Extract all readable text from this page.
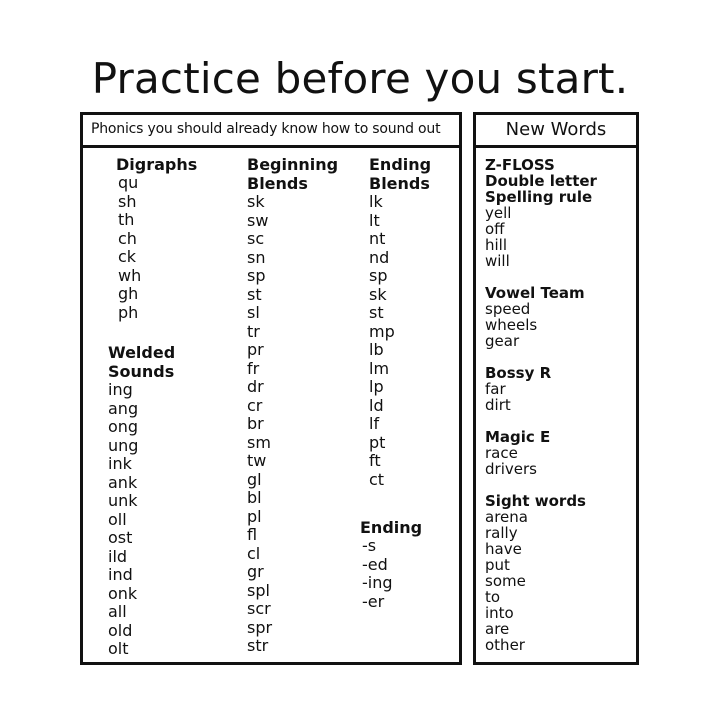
Practice before you start.
Phonics you should already know how to sound out
Digraphs
qu
sh
th
ch
ck
wh
gh
ph
Welded
Sounds
ing
ang
ong
ung
ink
ank
unk
oll
ost
ild
ind
onk
all
old
olt
Beginning
Blends
sk
sw
sc
sn
sp
st
sl
tr
pr
fr
dr
cr
br
sm
tw
gl
bl
pl
fl
cl
gr
spl
scr
spr
str
Ending
Blends
lk
lt
nt
nd
sp
sk
st
mp
lb
lm
lp
ld
lf
pt
ft
ct
Ending
-s
-ed
-ing
-er
New Words
Z-FLOSS
Double letter
Spelling rule
yell
off
hill
will
Vowel Team
speed
wheels
gear
Bossy R
far
dirt
Magic E
race
drivers
Sight words
arena
rally
have
put
some
to
into
are
other
